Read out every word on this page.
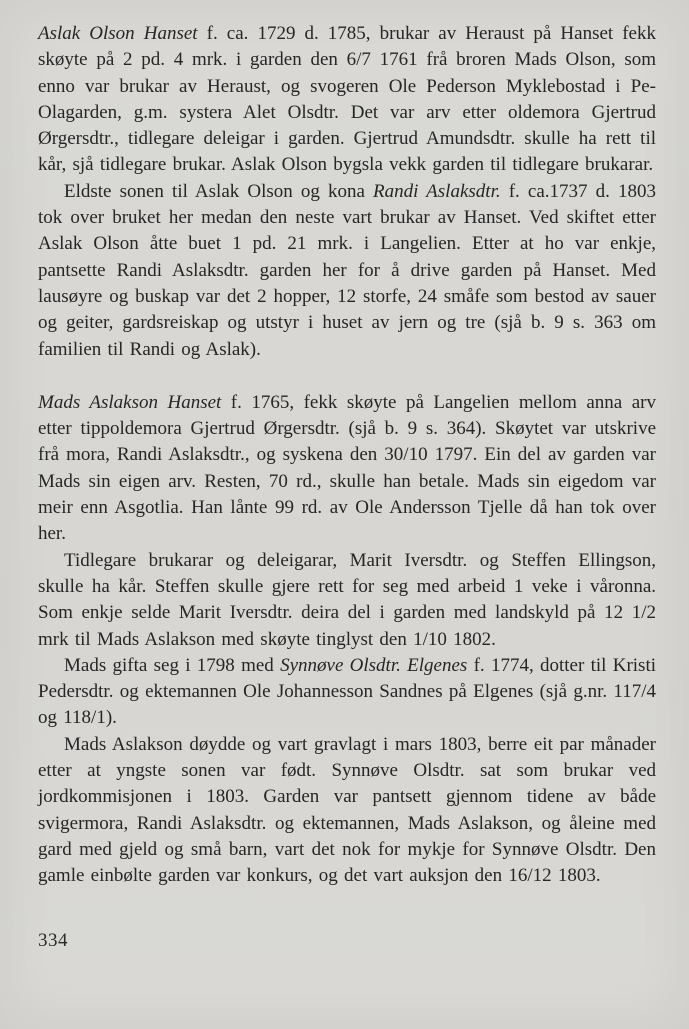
Aslak Olson Hanset f. ca. 1729 d. 1785, brukar av Heraust på Hanset fekk skøyte på 2 pd. 4 mrk. i garden den 6/7 1761 frå broren Mads Olson, som enno var brukar av Heraust, og svogeren Ole Pederson Myklebostad i Pe-Olagarden, g.m. systera Alet Olsdtr. Det var arv etter oldemora Gjertrud Ørgersdtr., tidlegare deleigar i garden. Gjertrud Amundsdtr. skulle ha rett til kår, sjå tidlegare brukar. Aslak Olson bygsla vekk garden til tidlegare brukarar.

Eldste sonen til Aslak Olson og kona Randi Aslaksdtr. f. ca.1737 d. 1803 tok over bruket her medan den neste vart brukar av Hanset. Ved skiftet etter Aslak Olson åtte buet 1 pd. 21 mrk. i Langelien. Etter at ho var enkje, pantsette Randi Aslaksdtr. garden her for å drive garden på Hanset. Med lausøyre og buskap var det 2 hopper, 12 storfe, 24 småfe som bestod av sauer og geiter, gardsreiskap og utstyr i huset av jern og tre (sjå b. 9 s. 363 om familien til Randi og Aslak).

Mads Aslakson Hanset f. 1765, fekk skøyte på Langelien mellom anna arv etter tippoldemora Gjertrud Ørgersdtr. (sjå b. 9 s. 364). Skøytet var utskrive frå mora, Randi Aslaksdtr., og syskena den 30/10 1797. Ein del av garden var Mads sin eigen arv. Resten, 70 rd., skulle han betale. Mads sin eigedom var meir enn Asgotlia. Han lånte 99 rd. av Ole Andersson Tjelle då han tok over her.

Tidlegare brukarar og deleigarar, Marit Iversdtr. og Steffen Ellingson, skulle ha kår. Steffen skulle gjere rett for seg med arbeid 1 veke i våronna. Som enkje selde Marit Iversdtr. deira del i garden med landskyld på 12 1/2 mrk til Mads Aslakson med skøyte tinglyst den 1/10 1802.

Mads gifta seg i 1798 med Synnøve Olsdtr. Elgenes f. 1774, dotter til Kristi Pedersdtr. og ektemannen Ole Johannesson Sandnes på Elgenes (sjå g.nr. 117/4 og 118/1).

Mads Aslakson døydde og vart gravlagt i mars 1803, berre eit par månader etter at yngste sonen var født. Synnøve Olsdtr. sat som brukar ved jordkommisjonen i 1803. Garden var pantsett gjennom tidene av både svigermora, Randi Aslaksdtr. og ektemannen, Mads Aslakson, og åleine med gard med gjeld og små barn, vart det nok for mykje for Synnøve Olsdtr. Den gamle einbølte garden var konkurs, og det vart auksjon den 16/12 1803.

334
